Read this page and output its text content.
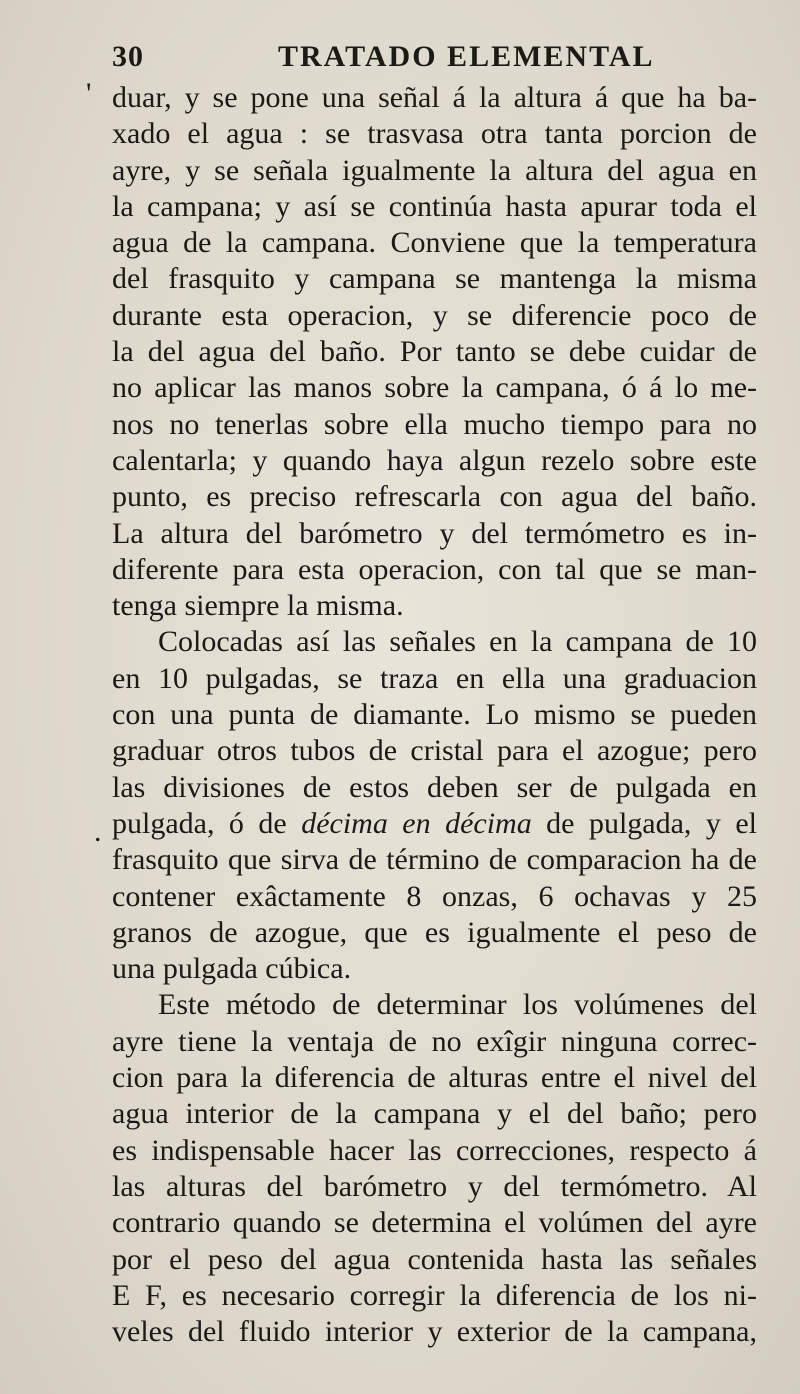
30	TRATADO ELEMENTAL
'
.
duar, y se pone una señal á la altura á que ha ba-
xado el agua : se trasvasa otra tanta porcion de
ayre, y se señala igualmente la altura del agua en
la campana; y así se continúa hasta apurar toda el
agua de la campana. Conviene que la temperatura
del frasquito y campana se mantenga la misma
durante esta operacion, y se diferencie poco de
la del agua del baño. Por tanto se debe cuidar de
no aplicar las manos sobre la campana, ó á lo me-
nos no tenerlas sobre ella mucho tiempo para no
calentarla; y quando haya algun rezelo sobre este
punto, es preciso refrescarla con agua del baño.
La altura del barómetro y del termómetro es in-
diferente para esta operacion, con tal que se man-
tenga siempre la misma.
Colocadas así las señales en la campana de 10
en 10 pulgadas, se traza en ella una graduacion
con una punta de diamante. Lo mismo se pueden
graduar otros tubos de cristal para el azogue; pero
las divisiones de estos deben ser de pulgada en
pulgada, ó de décima en décima de pulgada, y el
frasquito que sirva de término de comparacion ha de
contener exâctamente 8 onzas, 6 ochavas y 25
granos de azogue, que es igualmente el peso de
una pulgada cúbica.
Este método de determinar los volúmenes del
ayre tiene la ventaja de no exîgir ninguna correc-
cion para la diferencia de alturas entre el nivel del
agua interior de la campana y el del baño; pero
es indispensable hacer las correcciones, respecto á
las alturas del barómetro y del termómetro. Al
contrario quando se determina el volúmen del ayre
por el peso del agua contenida hasta las señales
E F, es necesario corregir la diferencia de los ni-
veles del fluido interior y exterior de la campana,
